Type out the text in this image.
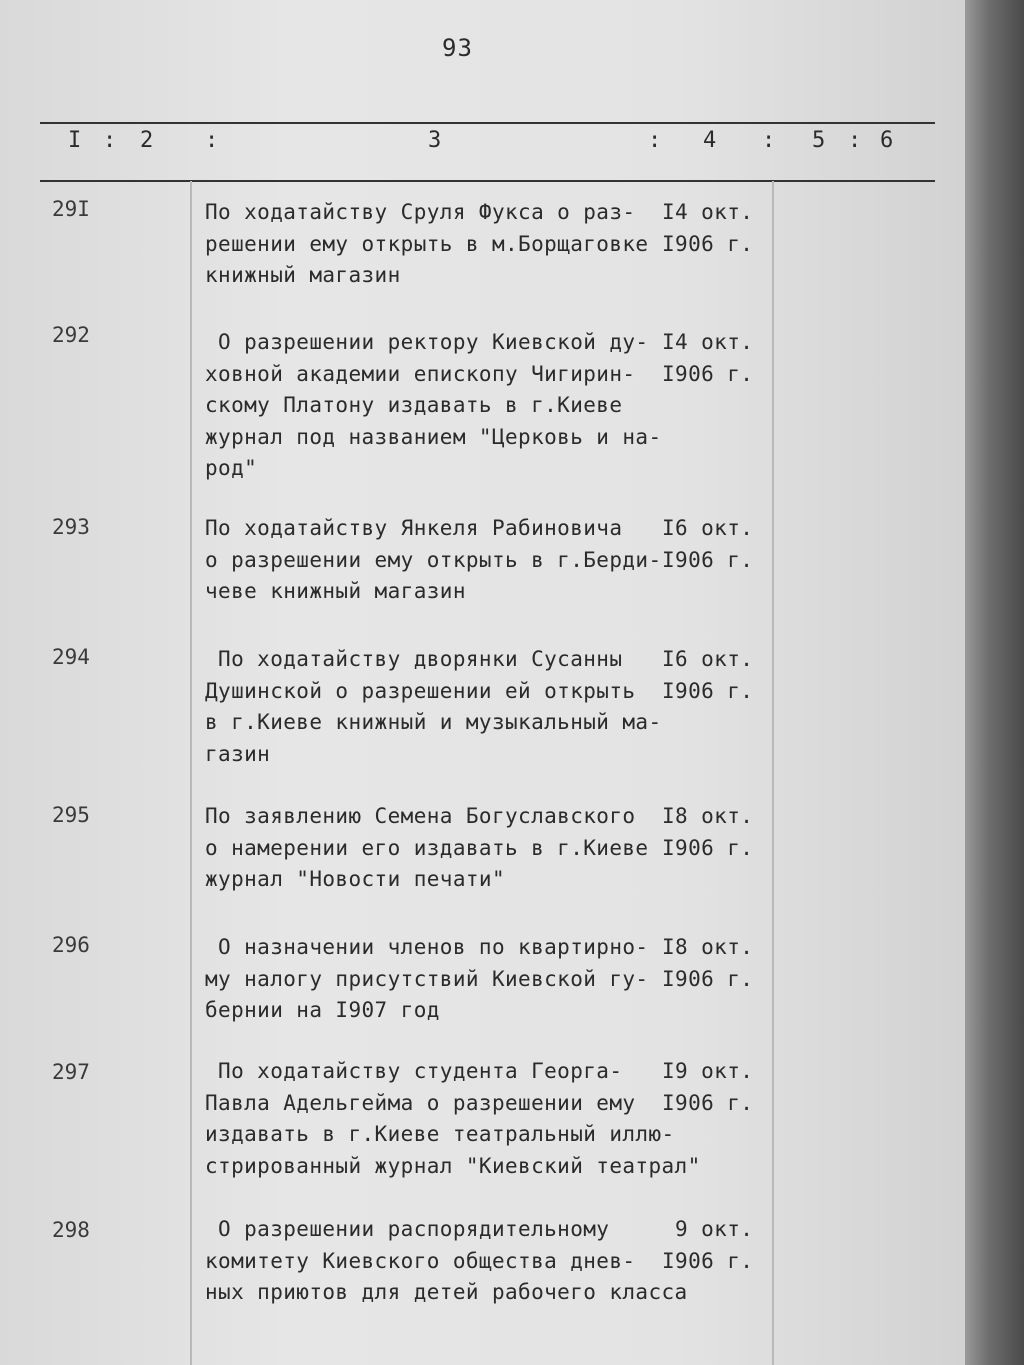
93
I : 2 :	3	: 4 : 5 : 6
29I	По ходатайству Сруля Фукса о раз-
решении ему открыть в м.Борщаговке
книжный магазин
I4 окт.
I906 г.
292	О разрешении ректору Киевской ду-
ховной академии епископу Чигирин-
скому Платону издавать в г.Киеве
журнал под названием "Церковь и на-
род"
I4 окт.
I906 г.
293	По ходатайству Янкеля Рабиновича
о разрешении ему открыть в г.Берди-
чеве книжный магазин
I6 окт.
I906 г.
294	По ходатайству дворянки Сусанны
Душинской о разрешении ей открыть
в г.Киеве книжный и музыкальный ма-
газин
I6 окт.
I906 г.
295	По заявлению Семена Богуславского
о намерении его издавать в г.Киеве
журнал "Новости печати"
I8 окт.
I906 г.
296	О назначении членов по квартирно-
му налогу присутствий Киевской гу-
бернии на I907 год
I8 окт.
I906 г.
297	По ходатайству студента Георга-
Павла Адельгейма о разрешении ему
издавать в г.Киеве театральный иллю-
стрированный журнал "Киевский театрал"
I9 окт.
I906 г.
298	О разрешении распорядительному
комитету Киевского общества днев-
ных приютов для детей рабочего класса
9 окт.
I906 г.
